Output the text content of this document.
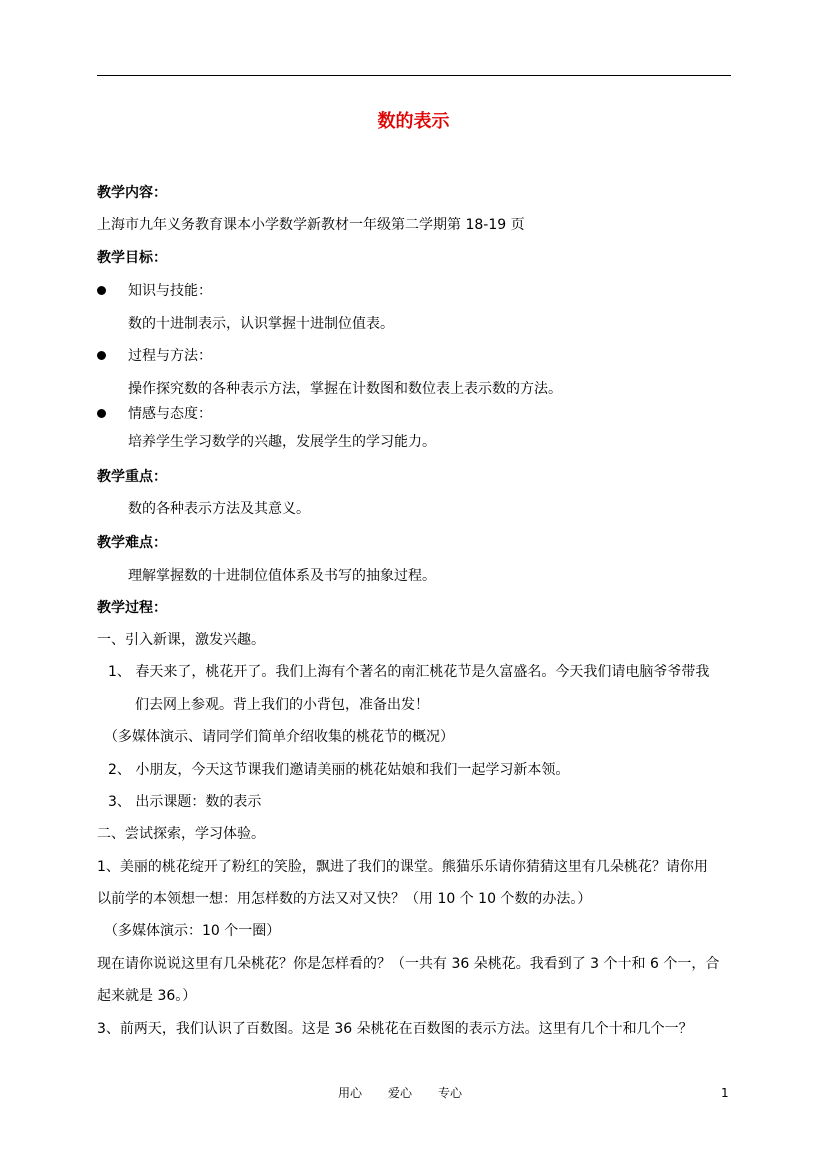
数的表示
教学内容：
上海市九年义务教育课本小学数学新教材一年级第二学期第 18-19 页
教学目标：
知识与技能：
数的十进制表示，认识掌握十进制位值表。
过程与方法：
操作探究数的各种表示方法，掌握在计数图和数位表上表示数的方法。
情感与态度：
培养学生学习数学的兴趣，发展学生的学习能力。
教学重点：
数的各种表示方法及其意义。
教学难点：
理解掌握数的十进制位值体系及书写的抽象过程。
教学过程：
一、引入新课，激发兴趣。
1、 春天来了，桃花开了。我们上海有个著名的南汇桃花节是久富盛名。今天我们请电脑爷爷带我
们去网上参观。背上我们的小背包，准备出发！
（多媒体演示、请同学们简单介绍收集的桃花节的概况）
2、 小朋友，今天这节课我们邀请美丽的桃花姑娘和我们一起学习新本领。
3、 出示课题：数的表示
二、尝试探索，学习体验。
1、美丽的桃花绽开了粉红的笑脸，飘进了我们的课堂。熊猫乐乐请你猜猜这里有几朵桃花？请你用
以前学的本领想一想：用怎样数的方法又对又快？（用 10 个 10 个数的办法。）
（多媒体演示：10 个一圈）
现在请你说说这里有几朵桃花？你是怎样看的？（一共有 36 朵桃花。我看到了 3 个十和 6 个一，合
起来就是 36。）
3、前两天，我们认识了百数图。这是 36 朵桃花在百数图的表示方法。这里有几个十和几个一？
用心 爱心 专心	1
